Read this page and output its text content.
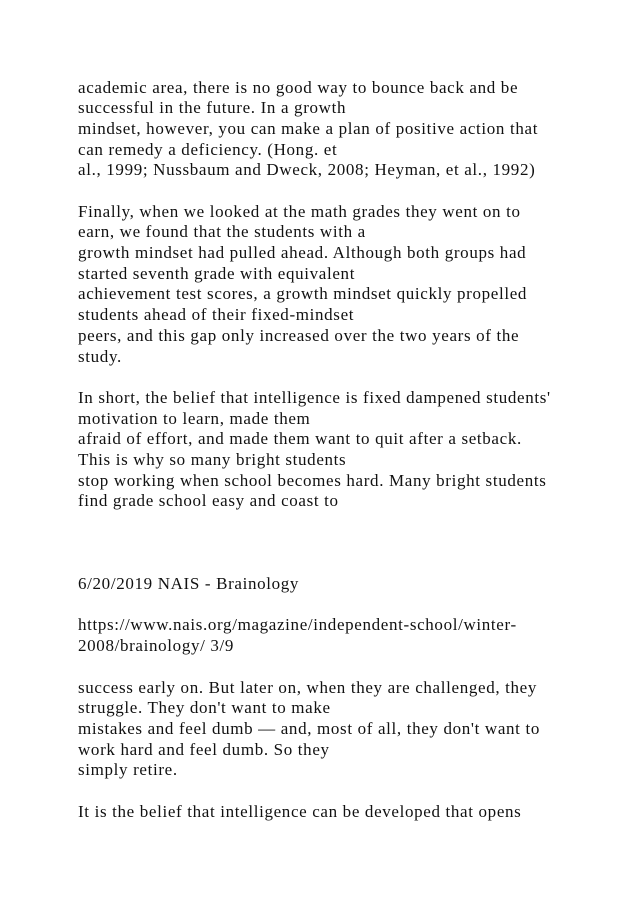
academic area, there is no good way to bounce back and be
successful in the future. In a growth
mindset, however, you can make a plan of positive action that
can remedy a deficiency. (Hong. et
al., 1999; Nussbaum and Dweck, 2008; Heyman, et al., 1992)
Finally, when we looked at the math grades they went on to
earn, we found that the students with a
growth mindset had pulled ahead. Although both groups had
started seventh grade with equivalent
achievement test scores, a growth mindset quickly propelled
students ahead of their fixed-mindset
peers, and this gap only increased over the two years of the
study.
In short, the belief that intelligence is fixed dampened students'
motivation to learn, made them
afraid of effort, and made them want to quit after a setback.
This is why so many bright students
stop working when school becomes hard. Many bright students
find grade school easy and coast to
6/20/2019 NAIS - Brainology
https://www.nais.org/magazine/independent-school/winter-
2008/brainology/ 3/9
success early on. But later on, when they are challenged, they
struggle. They don't want to make
mistakes and feel dumb — and, most of all, they don't want to
work hard and feel dumb. So they
simply retire.
It is the belief that intelligence can be developed that opens
